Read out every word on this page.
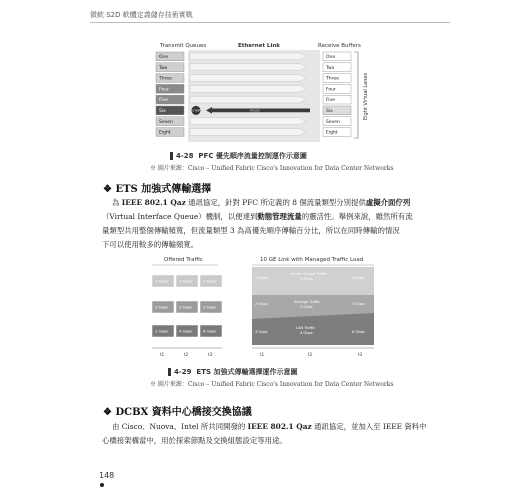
微軟 S2D 軟體定義儲存技術實戰
Transmit Queues	Ethernet Link	Receive Buffers
One	One
Two	Two
Three	Three
Four	Four
Five	Five
Six	STOP	PAUSE	Six
Seven	Seven
Eight	Eight
Eight Virtual Lanes
4-28 PFC 優先順序流量控制運作示意圖
※ 圖片來源：Cisco – Unified Fabric Cisco's Innovation for Data Center Networks
❖ ETS 加強式傳輸選擇
為 IEEE 802.1 Qaz 通訊協定，針對 PFC 所定義的 8 個流量類型分別提供虛擬介面佇列
（Virtual Interface Queue）機制，以便達到動態管理流量的靈活性。舉例來說，雖然所有流
量類型共用整個傳輸頻寬，但流量類型 3 為高優先順序傳輸百分比，所以在同時傳輸的情況
下可以使用較多的傳輸頻寬。
Offered Traffic	10 GE Link with Managed Traffic Load
3 Gbps	3 Gbps	2 Gbps
3 Gbps	3 Gbps	3 Gbps
2 Gbps	4 Gbps	6 Gbps
Server Cluster Traffic
3 Gbps
Storage Traffic
3 Gbps
LAN Traffic
4 Gbps
3 Gbps
2 Gbps
3 Gbps
4 Gbps
3 Gbps
6 Gbps
t1	t2	t3	t1	t2	t3
4-29 ETS 加強式傳輸選擇運作示意圖
※ 圖片來源：Cisco – Unified Fabric Cisco's Innovation for Data Center Networks
❖ DCBX 資料中心橋接交換協議
由 Cisco、Nuova、Intel 所共同開發的 IEEE 802.1 Qaz 通訊協定，並加入至 IEEE 資料中
心橋接架構當中，用於探索節點及交換組態設定等用途。
148
